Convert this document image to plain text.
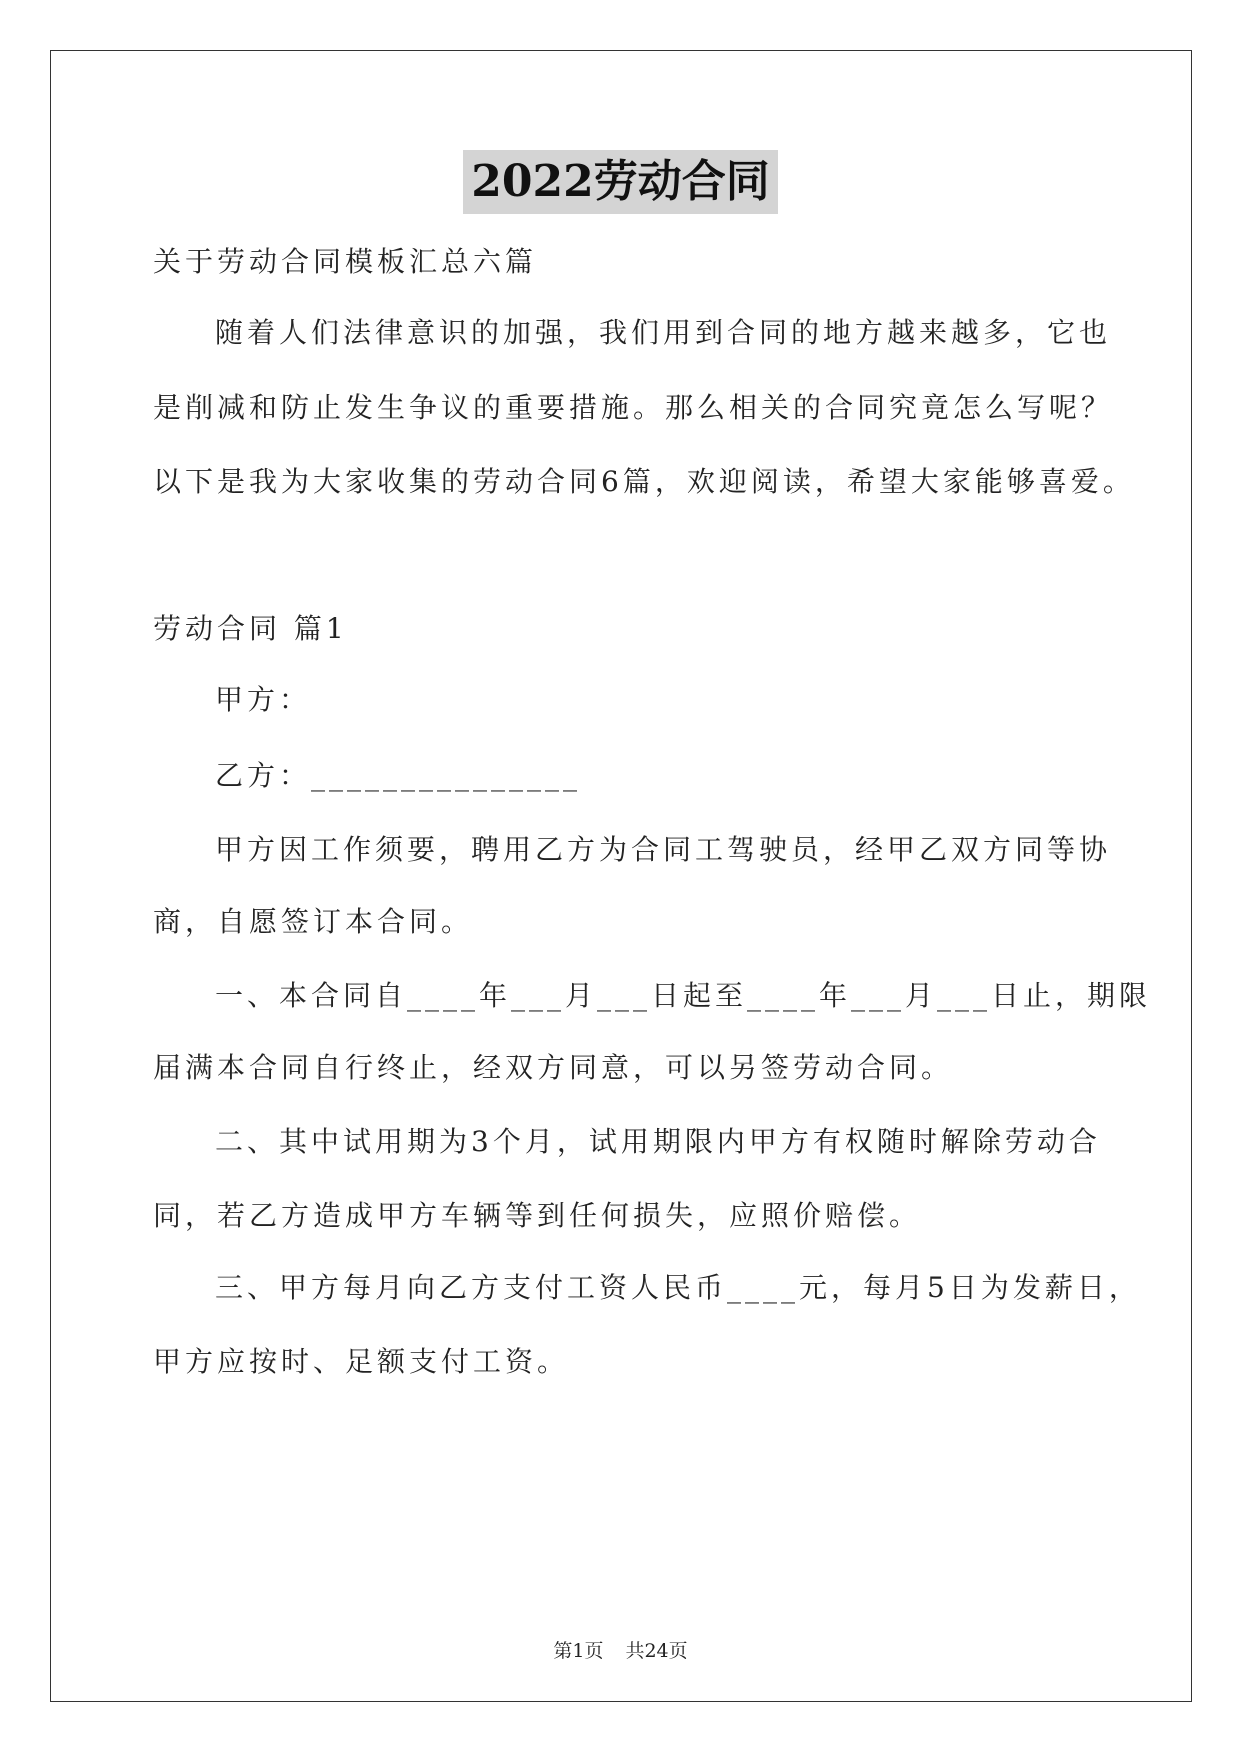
2022劳动合同
关于劳动合同模板汇总六篇
随着人们法律意识的加强，我们用到合同的地方越来越多，它也
是削减和防止发生争议的重要措施。那么相关的合同究竟怎么写呢？
以下是我为大家收集的劳动合同6篇，欢迎阅读，希望大家能够喜爱。
劳动合同 篇1
甲方：
乙方：_______________
甲方因工作须要，聘用乙方为合同工驾驶员，经甲乙双方同等协
商，自愿签订本合同。
一、本合同自____年___月___日起至____年___月___日止，期限
届满本合同自行终止，经双方同意，可以另签劳动合同。
二、其中试用期为3个月，试用期限内甲方有权随时解除劳动合
同，若乙方造成甲方车辆等到任何损失，应照价赔偿。
三、甲方每月向乙方支付工资人民币____元，每月5日为发薪日，
甲方应按时、足额支付工资。
第1页 共24页
